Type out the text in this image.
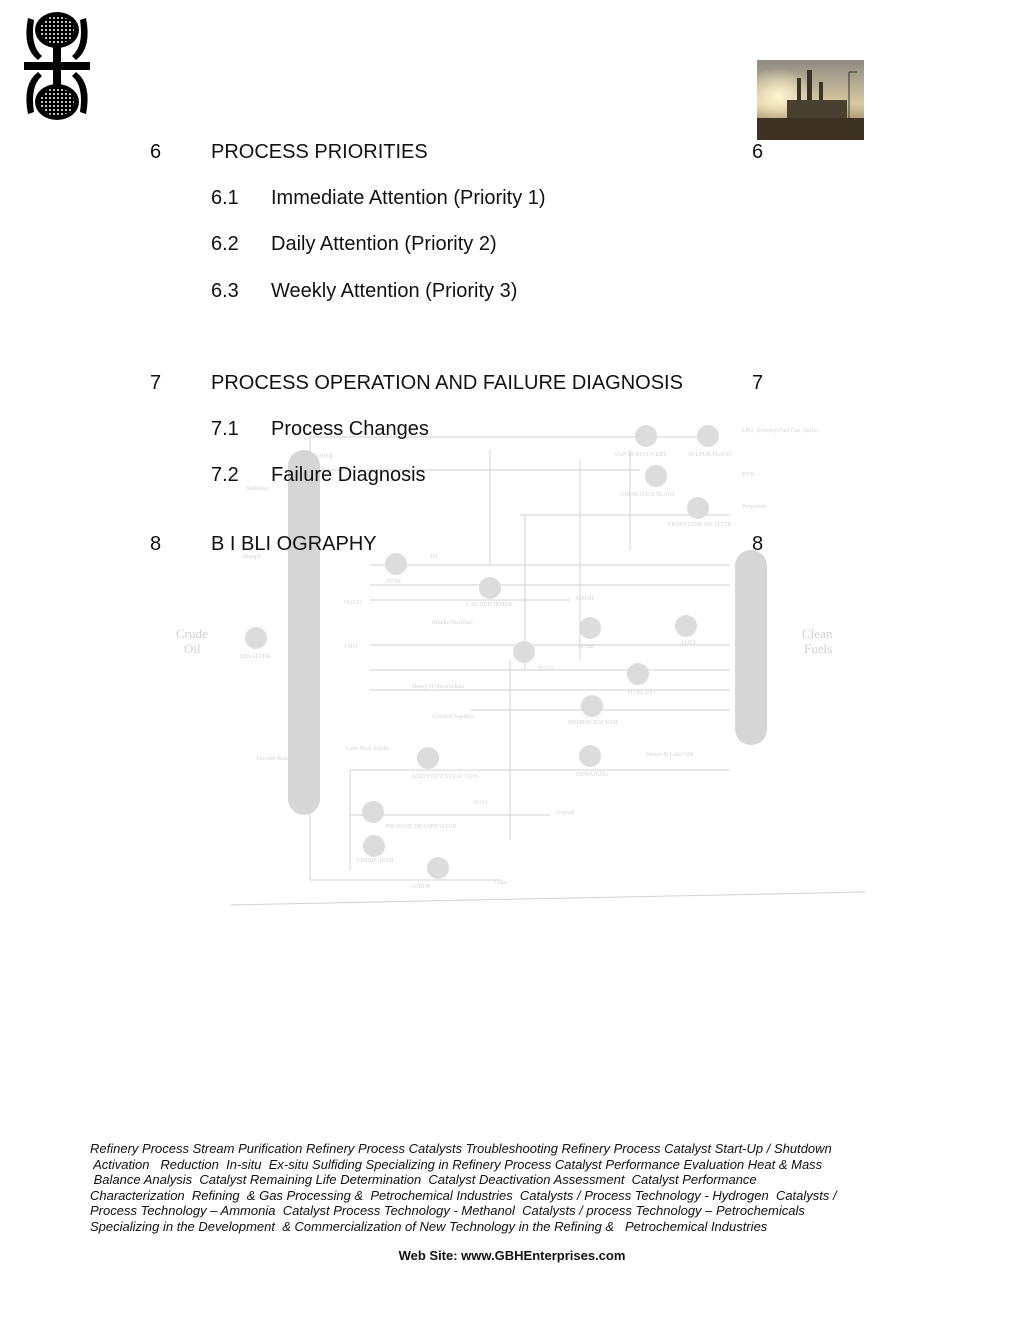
Crude
Oil
Clean
Fuels
CRUDE TOWER
DESALTER
ISOM
CAT. REFORMER
VAPOR RECOVERY	SULFUR PLANT
AROMATICS PLANT
PROPYLENE SPLITTER
MTBE
ALKY
FCCU
H2 PLANT
HYDROCRACKER
DEWAXING
SOLVENT EXTRACTION
PROPANE DEASPHALTER
VISBREAKER
COKER
Stabilizer
Straight	H2
HAGO
VHO
Middle Distillate
MEOH
Heavy Hydrocrackate
Cracked Naphtha
Lube Base Stocks
Vacuum Residue
DAO
Asphalt
Coke
LPG, Refinery Fuel Gas, Sulfur
BTX
Propylene
Waxes & Lube Oils
6 PROCESS PRIORITIES	6
6.1 Immediate Attention (Priority 1)
6.2 Daily Attention (Priority 2)
6.3 Weekly Attention (Priority 3)
7 PROCESS OPERATION AND FAILURE DIAGNOSIS	7
7.1 Process Changes
7.2 Failure Diagnosis
8 B I BLI OGRAPHY	8
Refinery Process Stream Purification Refinery Process Catalysts Troubleshooting Refinery Process Catalyst Start-Up / Shutdown
Activation   Reduction  In-situ  Ex-situ Sulfiding Specializing in Refinery Process Catalyst Performance Evaluation Heat & Mass
Balance Analysis  Catalyst Remaining Life Determination  Catalyst Deactivation Assessment  Catalyst Performance
Characterization  Refining  & Gas Processing &  Petrochemical Industries  Catalysts / Process Technology - Hydrogen  Catalysts /
Process Technology – Ammonia  Catalyst Process Technology - Methanol  Catalysts / process Technology – Petrochemicals
Specializing in the Development  & Commercialization of New Technology in the Refining &   Petrochemical Industries
Web Site: www.GBHEnterprises.com
